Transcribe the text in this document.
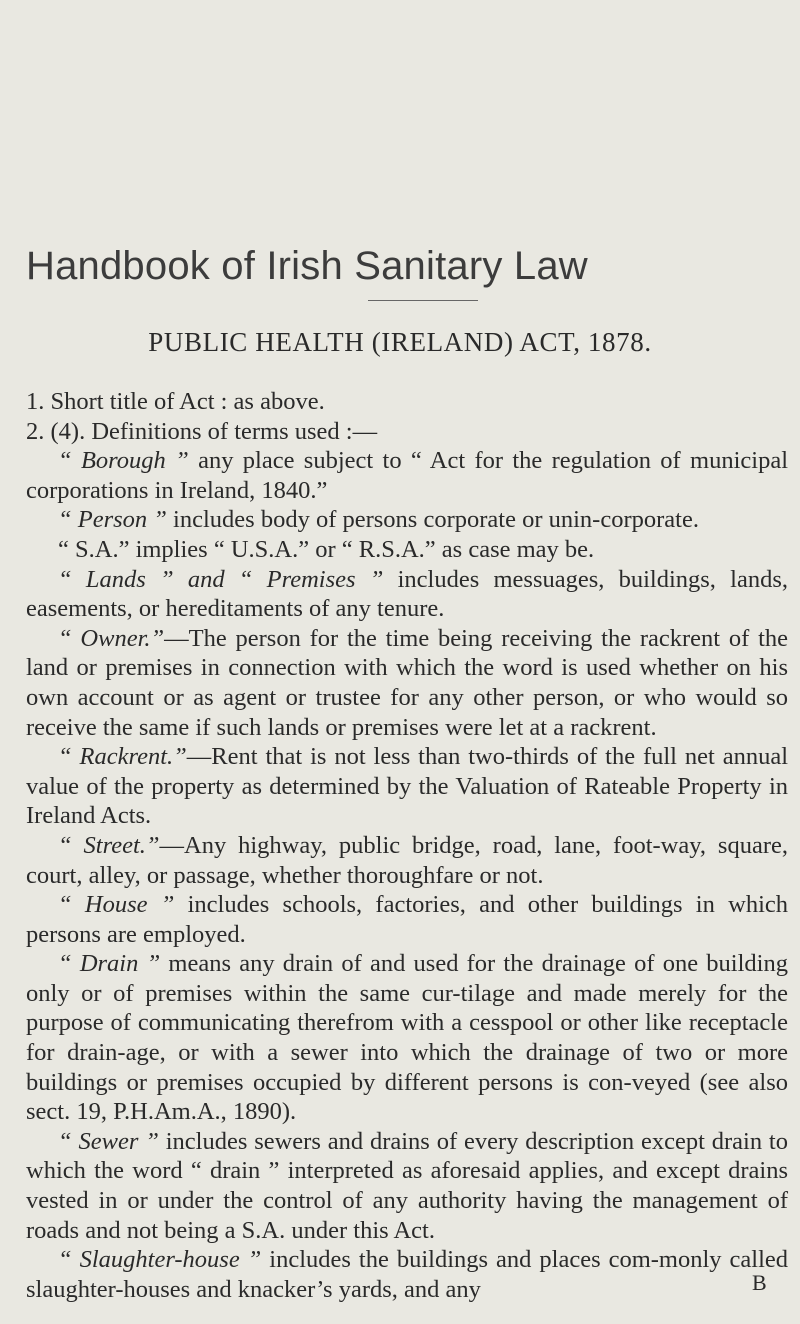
Handbook of Irish Sanitary Law
PUBLIC HEALTH (IRELAND) ACT, 1878.

1. Short title of Act : as above.

2. (4). Definitions of terms used :—

“ Borough ” any place subject to “ Act for the regulation of municipal corporations in Ireland, 1840.”

“ Person ” includes body of persons corporate or unin-corporate.

“ S.A.” implies “ U.S.A.” or “ R.S.A.” as case may be.

“ Lands ” and “ Premises ” includes messuages, buildings, lands, easements, or hereditaments of any tenure.

“ Owner.”—The person for the time being receiving the rackrent of the land or premises in connection with which the word is used whether on his own account or as agent or trustee for any other person, or who would so receive the same if such lands or premises were let at a rackrent.

“ Rackrent.”—Rent that is not less than two-thirds of the full net annual value of the property as determined by the Valuation of Rateable Property in Ireland Acts.

“ Street.”—Any highway, public bridge, road, lane, foot-way, square, court, alley, or passage, whether thoroughfare or not.

“ House ” includes schools, factories, and other buildings in which persons are employed.

“ Drain ” means any drain of and used for the drainage of one building only or of premises within the same cur-tilage and made merely for the purpose of communicating therefrom with a cesspool or other like receptacle for drain-age, or with a sewer into which the drainage of two or more buildings or premises occupied by different persons is con-veyed (see also sect. 19, P.H.Am.A., 1890).

“ Sewer ” includes sewers and drains of every description except drain to which the word “ drain ” interpreted as aforesaid applies, and except drains vested in or under the control of any authority having the management of roads and not being a S.A. under this Act.

“ Slaughter-house ” includes the buildings and places com-monly called slaughter-houses and knacker’s yards, and any	B
